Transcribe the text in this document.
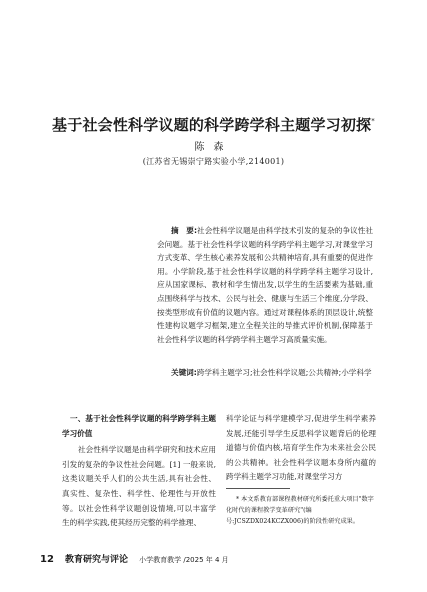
基于社会性科学议题的科学跨学科主题学习初探*
陈森
(江苏省无锡崇宁路实验小学,214001)
摘　要:社会性科学议题是由科学技术引发的复杂的争议性社会问题。基于社会性科学议题的科学跨学科主题学习,对课堂学习方式变革、学生核心素养发展和公共精神培育,具有重要的促进作用。小学阶段,基于社会性科学议题的科学跨学科主题学习设计,应从国家课标、教材和学生情出发,以学生的生活要素为基础,重点围绕科学与技术、公民与社会、健康与生活三个维度,分学段、按类型形成有价值的议题内容。通过对课程体系的顶层设计,统整性建构议题学习框架,建立全程关注的导推式评价机制,保障基于社会性科学议题的科学跨学科主题学习高质量实施。
关键词:跨学科主题学习;社会性科学议题;公共精神;小学科学
一、基于社会性科学议题的科学跨学科主题学习价值
社会性科学议题是由科学研究和技术应用引发的复杂的争议性社会问题。[1] 一般来说,这类议题关乎人们的公共生活,具有社会性、真实性、复杂性、科学性、伦理性与开放性等。以社会性科学议题创设情境,可以丰富学生的科学实践,使其经历完整的科学推理、
科学论证与科学建模学习,促进学生科学素养发展,还能引导学生反思科学议题背后的伦理道德与价值内核,培育学生作为未来社会公民的公共精神。社会性科学议题本身所内蕴的跨学科主题学习功能,对课堂学习方
* 本文系教育部课程教材研究所委托重大项目"数字化时代的课程教学变革研究"(编号:JCSZDX024KCZX006)的阶段性研究成果。
12 教育研究与评论 小学教育教学 /2025 年 4 月
